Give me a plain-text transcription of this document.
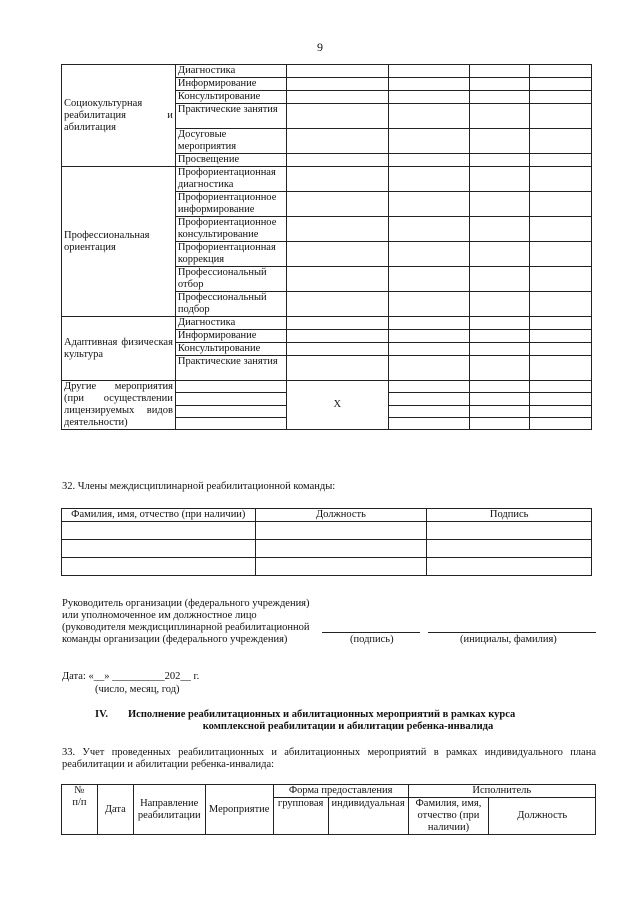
9
Социокультурная реабилитация и абилитация	Диагностика				
	Информирование				
	Консультирование				
	Практические занятия				
	Досуговые мероприятия				
	Просвещение				
Профессиональная ориентация	Профориентационная диагностика				
	Профориентационное информирование				
	Профориентационное консультирование				
	Профориентационная коррекция				
	Профессиональный отбор				
	Профессиональный подбор				
Адаптивная физическая культура	Диагностика				
	Информирование				
	Консультирование				
	Практические занятия				
Другие мероприятия (при осуществлении лицензируемых видов деятельности)		X			

32. Члены междисциплинарной реабилитационной команды:
Фамилия, имя, отчество (при наличии)	Должность	Подпись

Руководитель организации (федерального учреждения)
или уполномоченное им должностное лицо
(руководителя междисциплинарной реабилитационной
команды организации (федерального учреждения)	(подпись)	(инициалы, фамилия)
Дата: «__» __________202__ г.
(число, месяц, год)
IV. Исполнение реабилитационных и абилитационных мероприятий в рамках курса
комплексной реабилитации и абилитации ребенка-инвалида
33. Учет проведенных реабилитационных и абилитационных мероприятий в рамках индивидуального плана
реабилитации и абилитации ребенка-инвалида:
№
п/п	Дата	Направление реабилитации	Мероприятие	Форма предоставления		Исполнитель	
				групповая	индивидуальная	Фамилия, имя, отчество (при наличии)	Должность
